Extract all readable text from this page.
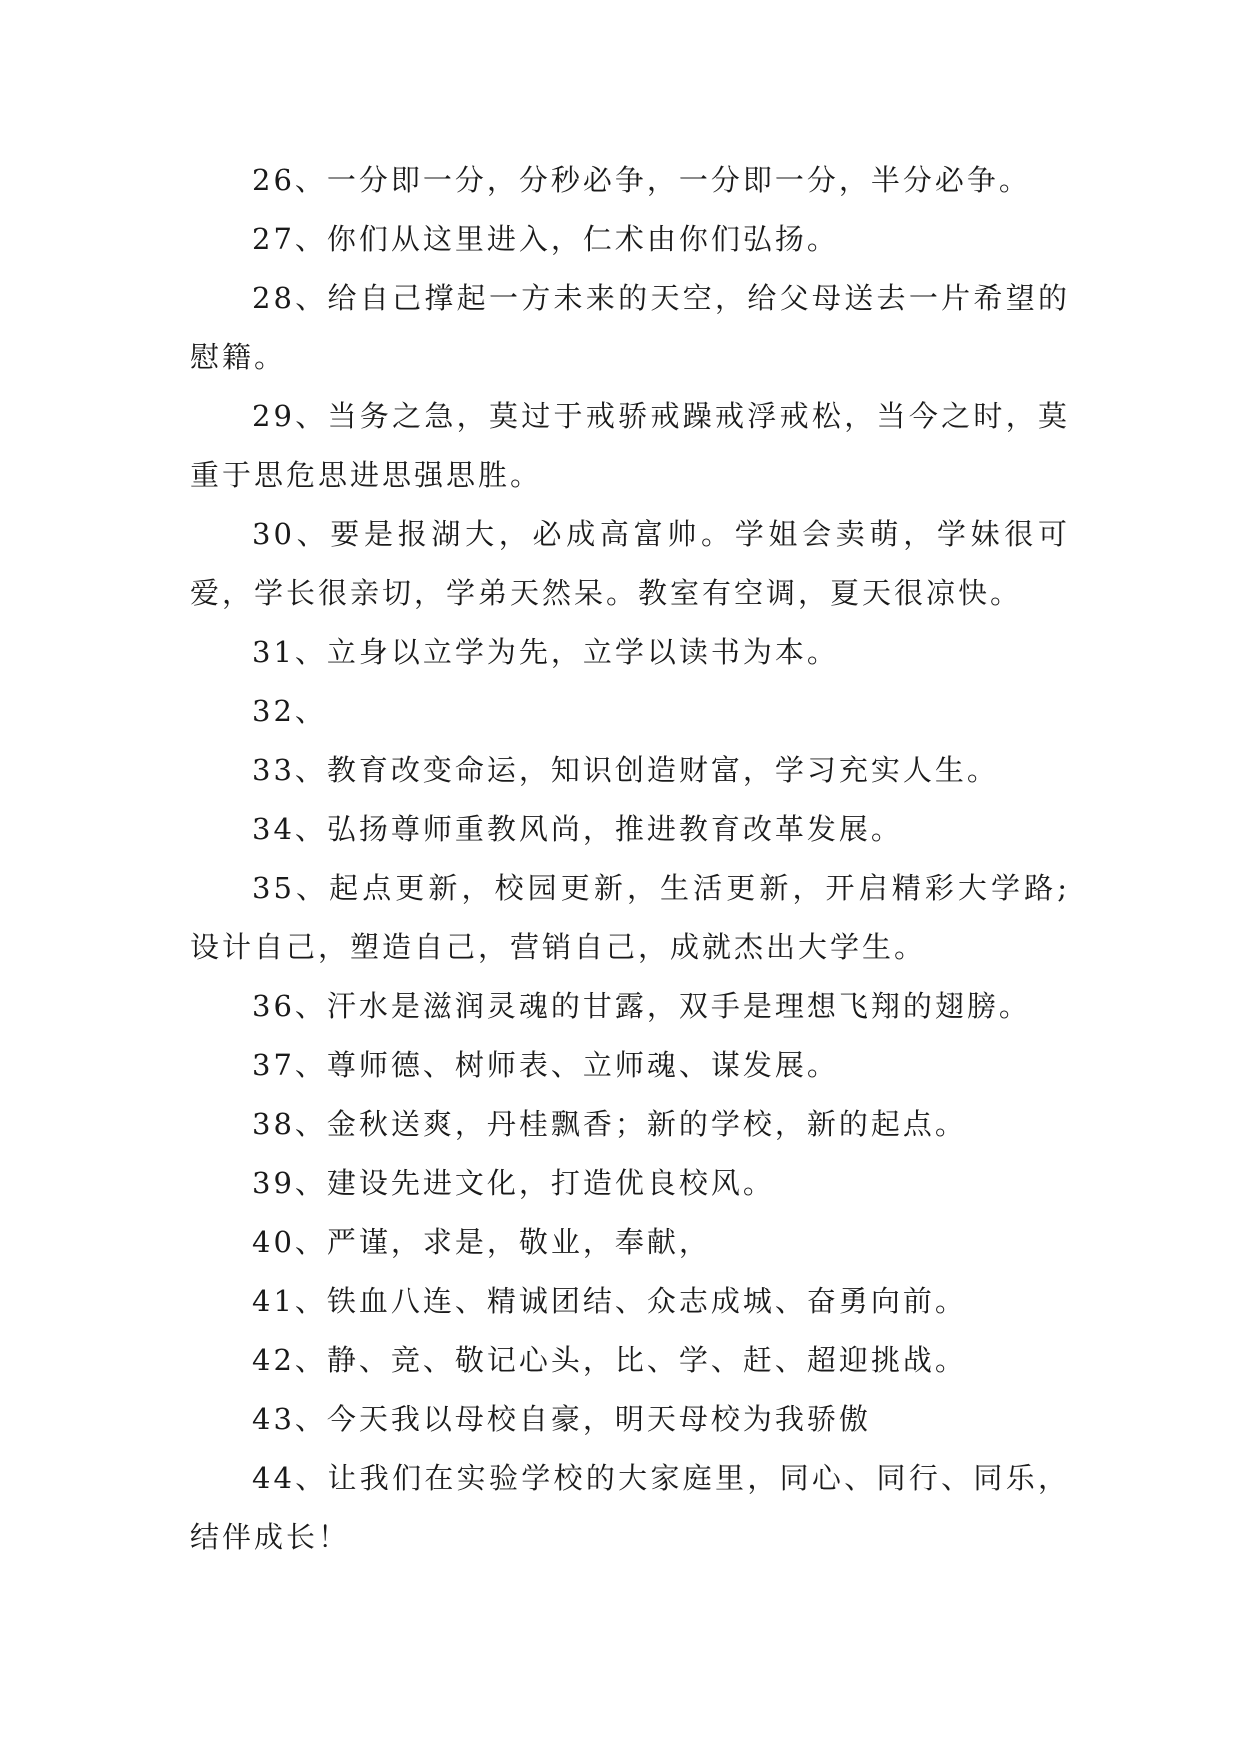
26、一分即一分，分秒必争，一分即一分，半分必争。

27、你们从这里进入，仁术由你们弘扬。

28、给自己撑起一方未来的天空，给父母送去一片希望的慰籍。

29、当务之急，莫过于戒骄戒躁戒浮戒松，当今之时，莫重于思危思进思强思胜。

30、要是报湖大，必成高富帅。学姐会卖萌，学妹很可爱，学长很亲切，学弟天然呆。教室有空调，夏天很凉快。

31、立身以立学为先，立学以读书为本。

32、

33、教育改变命运，知识创造财富，学习充实人生。

34、弘扬尊师重教风尚，推进教育改革发展。

35、起点更新，校园更新，生活更新，开启精彩大学路;设计自己，塑造自己，营销自己，成就杰出大学生。

36、汗水是滋润灵魂的甘露，双手是理想飞翔的翅膀。

37、尊师德、树师表、立师魂、谋发展。

38、金秋送爽，丹桂飘香；新的学校，新的起点。

39、建设先进文化，打造优良校风。

40、严谨，求是，敬业，奉献，

41、铁血八连、精诚团结、众志成城、奋勇向前。

42、静、竞、敬记心头，比、学、赶、超迎挑战。

43、今天我以母校自豪，明天母校为我骄傲

44、让我们在实验学校的大家庭里，同心、同行、同乐，结伴成长！
